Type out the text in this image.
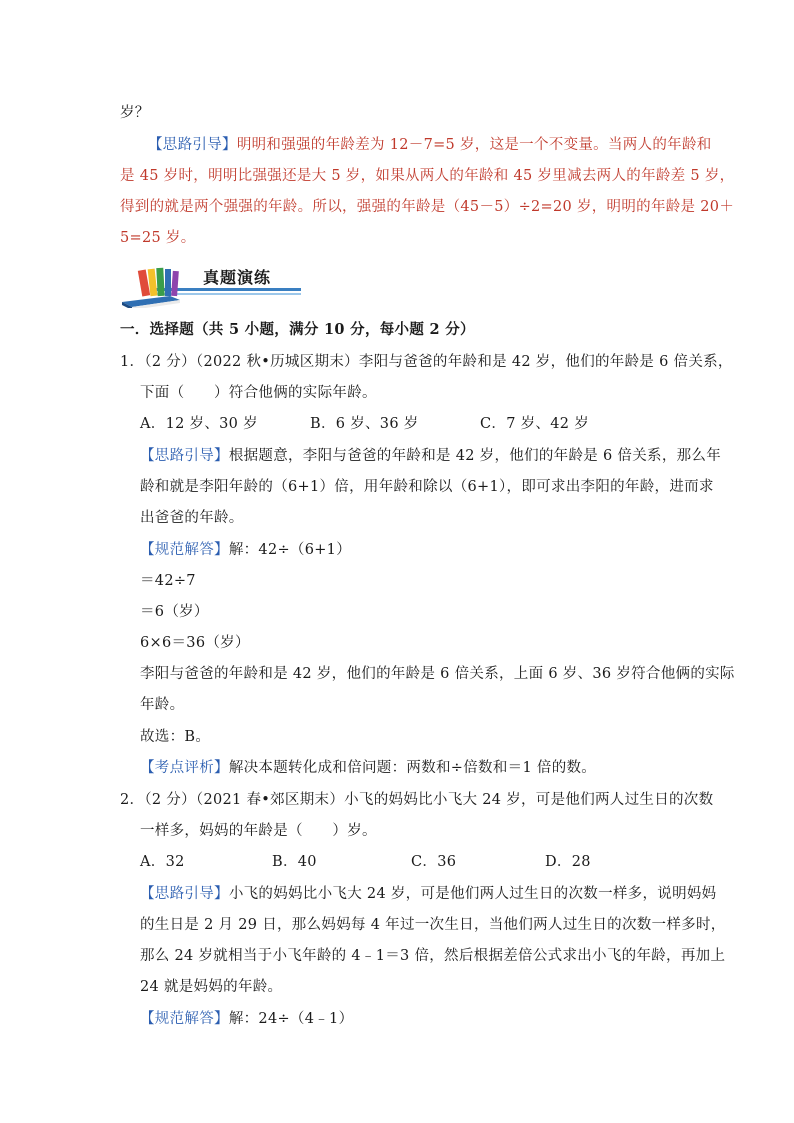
岁？
【思路引导】明明和强强的年龄差为 12－7=5 岁，这是一个不变量。当两人的年龄和
是 45 岁时，明明比强强还是大 5 岁，如果从两人的年龄和 45 岁里减去两人的年龄差 5 岁，
得到的就是两个强强的年龄。所以，强强的年龄是（45－5）÷2=20 岁，明明的年龄是 20＋
5=25 岁。
真题演练
一．选择题（共 5 小题，满分 10 分，每小题 2 分）
1．（2 分）（2022 秋•历城区期末）李阳与爸爸的年龄和是 42 岁，他们的年龄是 6 倍关系，
下面（　　）符合他俩的实际年龄。
A．12 岁、30 岁	B．6 岁、36 岁	C．7 岁、42 岁
【思路引导】根据题意，李阳与爸爸的年龄和是 42 岁，他们的年龄是 6 倍关系，那么年
龄和就是李阳年龄的（6+1）倍，用年龄和除以（6+1），即可求出李阳的年龄，进而求
出爸爸的年龄。
【规范解答】解：42÷（6+1）
＝42÷7
＝6（岁）
6×6＝36（岁）
李阳与爸爸的年龄和是 42 岁，他们的年龄是 6 倍关系，上面 6 岁、36 岁符合他俩的实际
年龄。
故选：B。
【考点评析】解决本题转化成和倍问题：两数和÷倍数和＝1 倍的数。
2．（2 分）（2021 春•郊区期末）小飞的妈妈比小飞大 24 岁，可是他们两人过生日的次数
一样多，妈妈的年龄是（　　）岁。
A．32	B．40	C．36	D．28
【思路引导】小飞的妈妈比小飞大 24 岁，可是他们两人过生日的次数一样多，说明妈妈
的生日是 2 月 29 日，那么妈妈每 4 年过一次生日，当他们两人过生日的次数一样多时，
那么 24 岁就相当于小飞年龄的 4﹣1＝3 倍，然后根据差倍公式求出小飞的年龄，再加上
24 就是妈妈的年龄。
【规范解答】解：24÷（4﹣1）
